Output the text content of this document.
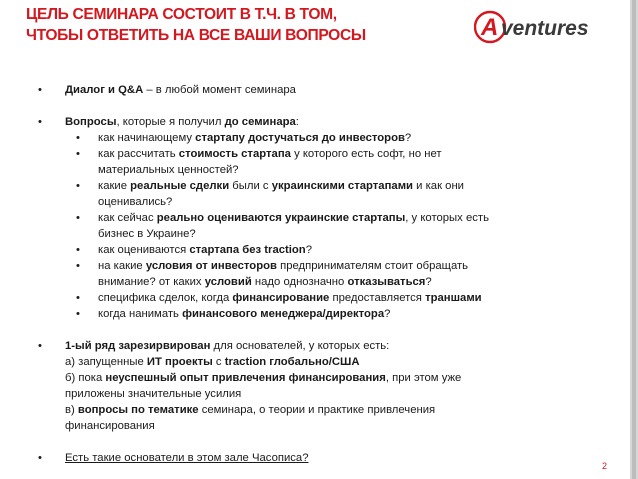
ЦЕЛЬ СЕМИНАРА СОСТОИТ В Т.Ч. В ТОМ,
ЧТОБЫ ОТВЕТИТЬ НА ВСЕ ВАШИ ВОПРОСЫ	A ventures
• Диалог и Q&A – в любой момент семинара
• Вопросы, которые я получил до семинара:
• как начинающему стартапу достучаться до инвесторов?
• как рассчитать стоимость стартапа у которого есть софт, но нет
материальных ценностей?
• какие реальные сделки были с украинскими стартапами и как они
оценивались?
• как сейчас реально оцениваются украинские стартапы, у которых есть
бизнес в Украине?
• как оцениваются стартапа без traction?
• на какие условия от инвесторов предпринимателям стоит обращать
внимание? от каких условий надо однозначно отказываться?
• специфика сделок, когда финансирование предоставляется траншами
• когда нанимать финансового менеджера/директора?
• 1-ый ряд зарезирвирован для основателей, у которых есть:
а) запущенные ИТ проекты с traction глобально/США
б) пока неуспешный опыт привлечения финансирования, при этом уже
приложены значительные усилия
в) вопросы по тематике семинара, о теории и практике привлечения
финансирования
• Есть такие основатели в этом зале Часописа?
2
